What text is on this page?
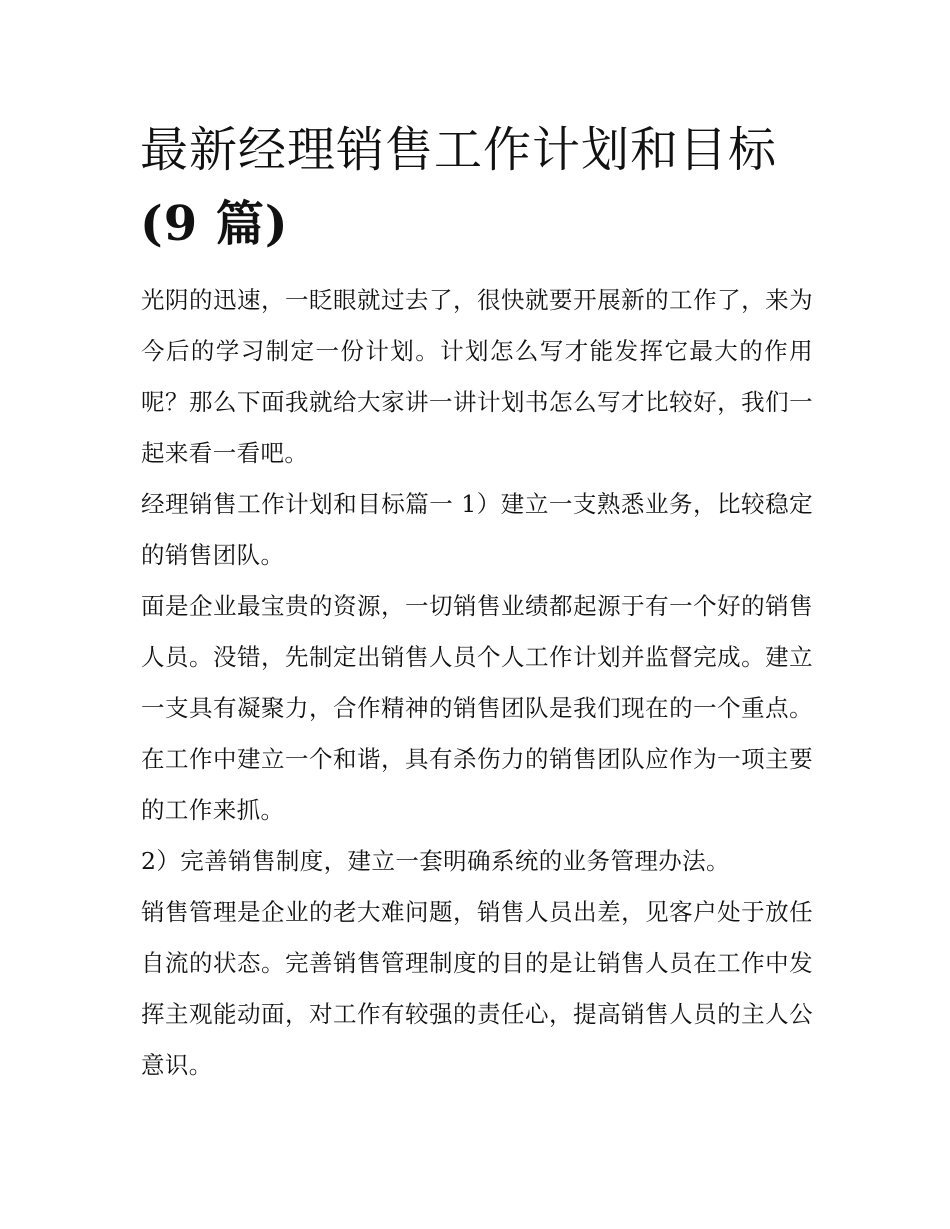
最新经理销售工作计划和目标
(9 篇)

光阴的迅速，一眨眼就过去了，很快就要开展新的工作了，来为今后的学习制定一份计划。计划怎么写才能发挥它最大的作用呢？那么下面我就给大家讲一讲计划书怎么写才比较好，我们一起来看一看吧。

经理销售工作计划和目标篇一 1）建立一支熟悉业务，比较稳定的销售团队。

面是企业最宝贵的资源，一切销售业绩都起源于有一个好的销售人员。没错，先制定出销售人员个人工作计划并监督完成。建立一支具有凝聚力，合作精神的销售团队是我们现在的一个重点。在工作中建立一个和谐，具有杀伤力的销售团队应作为一项主要的工作来抓。

2）完善销售制度，建立一套明确系统的业务管理办法。

销售管理是企业的老大难问题，销售人员出差，见客户处于放任自流的状态。完善销售管理制度的目的是让销售人员在工作中发挥主观能动面，对工作有较强的责任心，提高销售人员的主人公意识。
